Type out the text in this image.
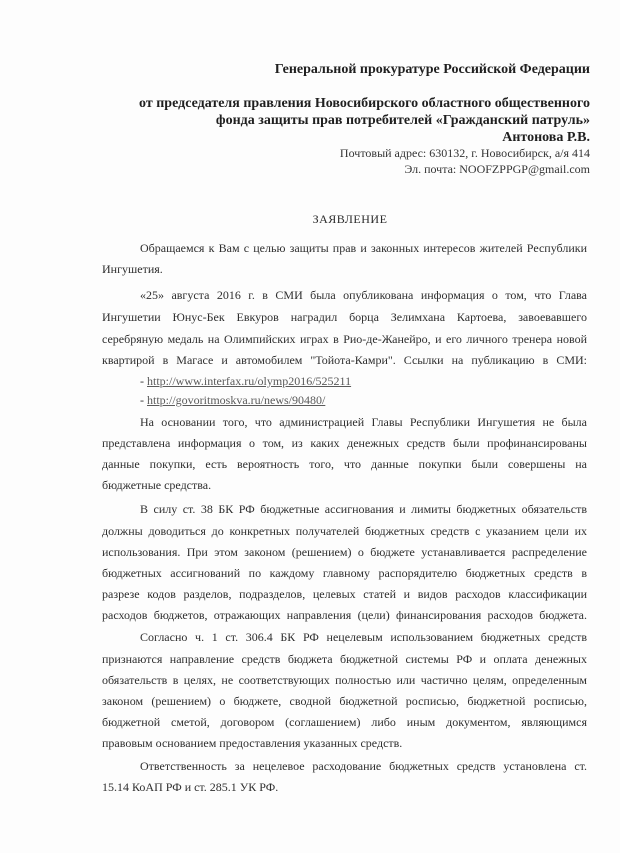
Генеральной прокуратуре Российской Федерации
от председателя правления Новосибирского областного общественного
фонда защиты прав потребителей «Гражданский патруль»
Антонова Р.В.
Почтовый адрес: 630132, г. Новосибирск, а/я 414
Эл. почта: NOOFZPPGP@gmail.com
ЗАЯВЛЕНИЕ
Обращаемся к Вам с целью защиты прав и законных интересов жителей Республики
Ингушетия.
«25» августа 2016 г. в СМИ была опубликована информация о том, что Глава
Ингушетии Юнус-Бек Евкуров наградил борца Зелимхана Картоева, завоевавшего
серебряную медаль на Олимпийских играх в Рио-де-Жанейро, и его личного тренера новой
квартирой в Магасе и автомобилем "Тойота-Камри". Ссылки на публикацию в СМИ:
- http://www.interfax.ru/olymp2016/525211
- http://govoritmoskva.ru/news/90480/
На основании того, что администрацией Главы Республики Ингушетия не была
представлена информация о том, из каких денежных средств были профинансированы
данные покупки, есть вероятность того, что данные покупки были совершены на
бюджетные средства.
В силу ст. 38 БК РФ бюджетные ассигнования и лимиты бюджетных обязательств
должны доводиться до конкретных получателей бюджетных средств с указанием цели их
использования. При этом законом (решением) о бюджете устанавливается распределение
бюджетных ассигнований по каждому главному распорядителю бюджетных средств в
разрезе кодов разделов, подразделов, целевых статей и видов расходов классификации
расходов бюджетов, отражающих направления (цели) финансирования расходов бюджета.
Согласно ч. 1 ст. 306.4 БК РФ нецелевым использованием бюджетных средств
признаются направление средств бюджета бюджетной системы РФ и оплата денежных
обязательств в целях, не соответствующих полностью или частично целям, определенным
законом (решением) о бюджете, сводной бюджетной росписью, бюджетной росписью,
бюджетной сметой, договором (соглашением) либо иным документом, являющимся
правовым основанием предоставления указанных средств.
Ответственность за нецелевое расходование бюджетных средств установлена ст.
15.14 КоАП РФ и ст. 285.1 УК РФ.
